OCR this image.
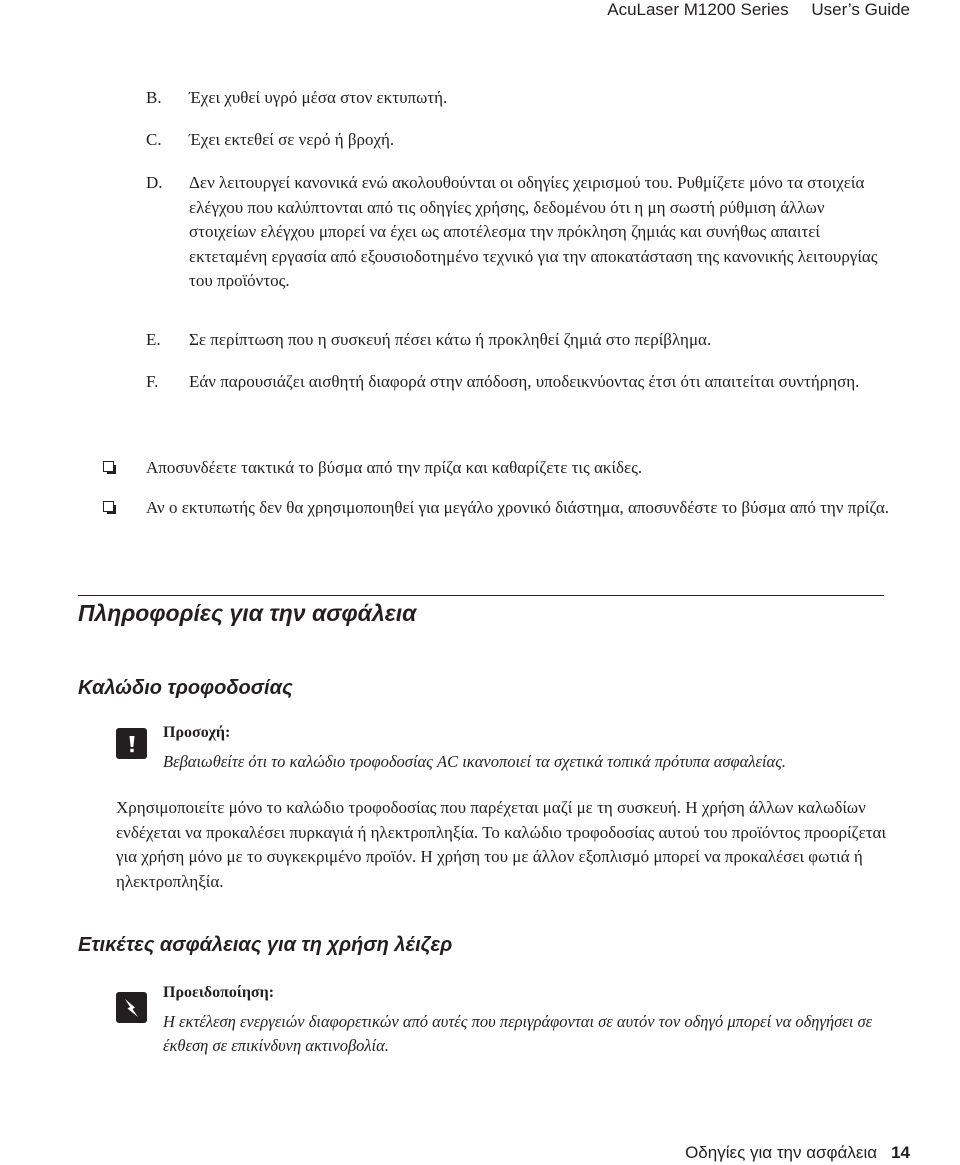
AcuLaser M1200 Series User’s Guide
B. Έχει χυθεί υγρό μέσα στον εκτυπωτή.
C. Έχει εκτεθεί σε νερό ή βροχή.
D. Δεν λειτουργεί κανονικά ενώ ακολουθούνται οι οδηγίες χειρισμού του. Ρυθμίζετε μόνο τα στοιχεία ελέγχου που καλύπτονται από τις οδηγίες χρήσης, δεδομένου ότι η μη σωστή ρύθμιση άλλων στοιχείων ελέγχου μπορεί να έχει ως αποτέλεσμα την πρόκληση ζημιάς και συνήθως απαιτεί εκτεταμένη εργασία από εξουσιοδοτημένο τεχνικό για την αποκατάσταση της κανονικής λειτουργίας του προϊόντος.
E. Σε περίπτωση που η συσκευή πέσει κάτω ή προκληθεί ζημιά στο περίβλημα.
F. Εάν παρουσιάζει αισθητή διαφορά στην απόδοση, υποδεικνύοντας έτσι ότι απαιτείται συντήρηση.
Αποσυνδέετε τακτικά το βύσμα από την πρίζα και καθαρίζετε τις ακίδες.
Αν ο εκτυπωτής δεν θα χρησιμοποιηθεί για μεγάλο χρονικό διάστημα, αποσυνδέστε το βύσμα από την πρίζα.
Πληροφορίες για την ασφάλεια
Καλώδιο τροφοδοσίας
Προσοχή:
Βεβαιωθείτε ότι το καλώδιο τροφοδοσίας AC ικανοποιεί τα σχετικά τοπικά πρότυπα ασφαλείας.
Χρησιμοποιείτε μόνο το καλώδιο τροφοδοσίας που παρέχεται μαζί με τη συσκευή. Η χρήση άλλων καλωδίων ενδέχεται να προκαλέσει πυρκαγιά ή ηλεκτροπληξία. Το καλώδιο τροφοδοσίας αυτού του προϊόντος προορίζεται για χρήση μόνο με το συγκεκριμένο προϊόν. Η χρήση του με άλλον εξοπλισμό μπορεί να προκαλέσει φωτιά ή ηλεκτροπληξία.
Ετικέτες ασφάλειας για τη χρήση λέιζερ
Προειδοποίηση:
Η εκτέλεση ενεργειών διαφορετικών από αυτές που περιγράφονται σε αυτόν τον οδηγό μπορεί να οδηγήσει σε έκθεση σε επικίνδυνη ακτινοβολία.
Οδηγίες για την ασφάλεια 14
